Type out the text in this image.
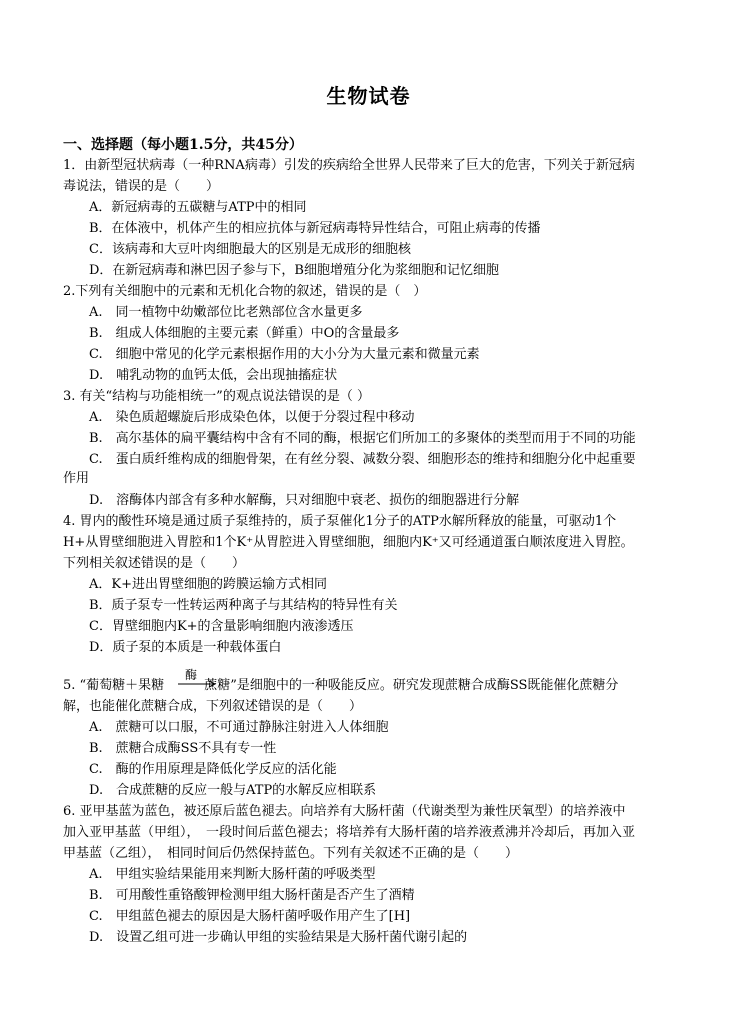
生物试卷
一、选择题（每小题1.5分，共45分）
1．由新型冠状病毒（一种RNA病毒）引发的疾病给全世界人民带来了巨大的危害，下列关于新冠病
毒说法，错误的是（　　）
A．新冠病毒的五碳糖与ATP中的相同
B．在体液中，机体产生的相应抗体与新冠病毒特异性结合，可阻止病毒的传播
C．该病毒和大豆叶肉细胞最大的区别是无成形的细胞核
D．在新冠病毒和淋巴因子参与下，B细胞增殖分化为浆细胞和记忆细胞
2.下列有关细胞中的元素和无机化合物的叙述，错误的是（　）
A.　同一植物中幼嫩部位比老熟部位含水量更多
B.　组成人体细胞的主要元素（鲜重）中O的含量最多
C.　细胞中常见的化学元素根据作用的大小分为大量元素和微量元素
D.　哺乳动物的血钙太低，会出现抽搐症状
3. 有关“结构与功能相统一”的观点说法错误的是（ ）
A.　染色质超螺旋后形成染色体，以便于分裂过程中移动
B.　高尔基体的扁平囊结构中含有不同的酶，根据它们所加工的多聚体的类型而用于不同的功能
C.　蛋白质纤维构成的细胞骨架，在有丝分裂、减数分裂、细胞形态的维持和细胞分化中起重要
作用
D.　溶酶体内部含有多种水解酶，只对细胞中衰老、损伤的细胞器进行分解
4. 胃内的酸性环境是通过质子泵维持的，质子泵催化1分子的ATP水解所释放的能量，可驱动1个
H+从胃壁细胞进入胃腔和1个K⁺从胃腔进入胃壁细胞，细胞内K⁺又可经通道蛋白顺浓度进入胃腔。
下列相关叙述错误的是（　　）
A．K+进出胃壁细胞的跨膜运输方式相同
B．质子泵专一性转运两种离子与其结构的特异性有关
C．胃壁细胞内K+的含量影响细胞内液渗透压
D．质子泵的本质是一种载体蛋白
酶
5. “葡萄糖＋果糖	蔗糖”是细胞中的一种吸能反应。研究发现蔗糖合成酶SS既能催化蔗糖分
解，也能催化蔗糖合成，下列叙述错误的是（　　）
A.　蔗糖可以口服，不可通过静脉注射进入人体细胞
B.　蔗糖合成酶SS不具有专一性
C.　酶的作用原理是降低化学反应的活化能
D.　合成蔗糖的反应一般与ATP的水解反应相联系
6. 亚甲基蓝为蓝色，被还原后蓝色褪去。向培养有大肠杆菌（代谢类型为兼性厌氧型）的培养液中
加入亚甲基蓝（甲组），　一段时间后蓝色褪去；将培养有大肠杆菌的培养液煮沸并冷却后，再加入亚
甲基蓝（乙组），　相同时间后仍然保持蓝色。下列有关叙述不正确的是（　　）
A.　甲组实验结果能用来判断大肠杆菌的呼吸类型
B.　可用酸性重铬酸钾检测甲组大肠杆菌是否产生了酒精
C.　甲组蓝色褪去的原因是大肠杆菌呼吸作用产生了[H]
D.　设置乙组可进一步确认甲组的实验结果是大肠杆菌代谢引起的
